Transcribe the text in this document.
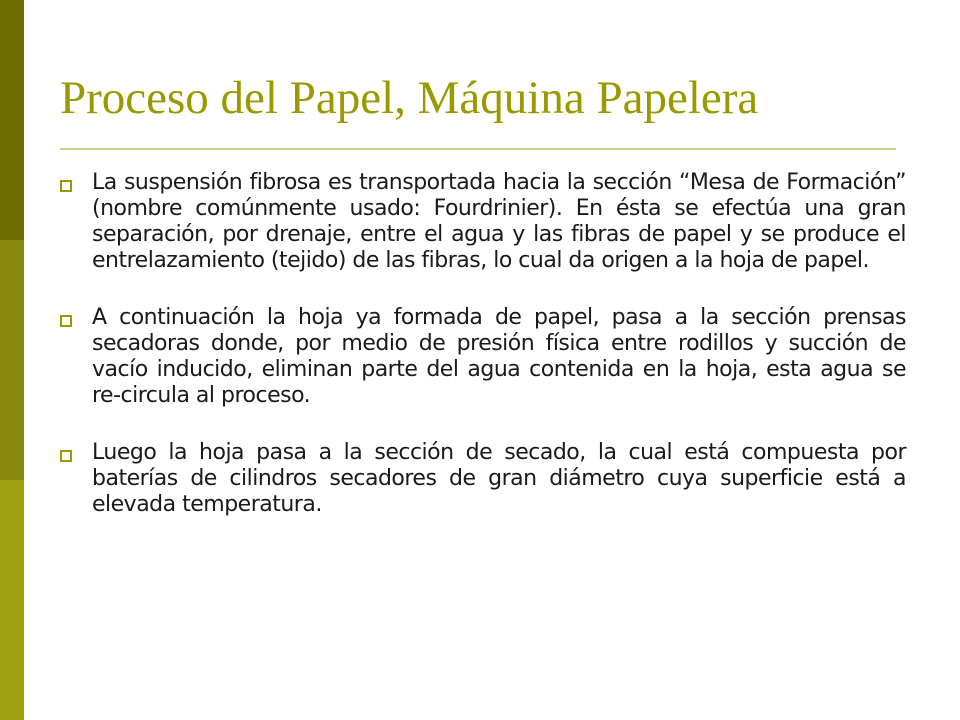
Proceso del Papel, Máquina Papelera
La suspensión fibrosa es transportada hacia la sección “Mesa de Formación” (nombre comúnmente usado: Fourdrinier). En ésta se efectúa una gran separación, por drenaje, entre el agua y las fibras de papel y se produce el entrelazamiento (tejido) de las fibras, lo cual da origen a la hoja de papel.
A continuación la hoja ya formada de papel, pasa a la sección prensas secadoras donde, por medio de presión física entre rodillos y succión de vacío inducido, eliminan parte del agua contenida en la hoja, esta agua se re-circula al proceso.
Luego la hoja pasa a la sección de secado, la cual está compuesta por baterías de cilindros secadores de gran diámetro cuya superficie está a elevada temperatura.
